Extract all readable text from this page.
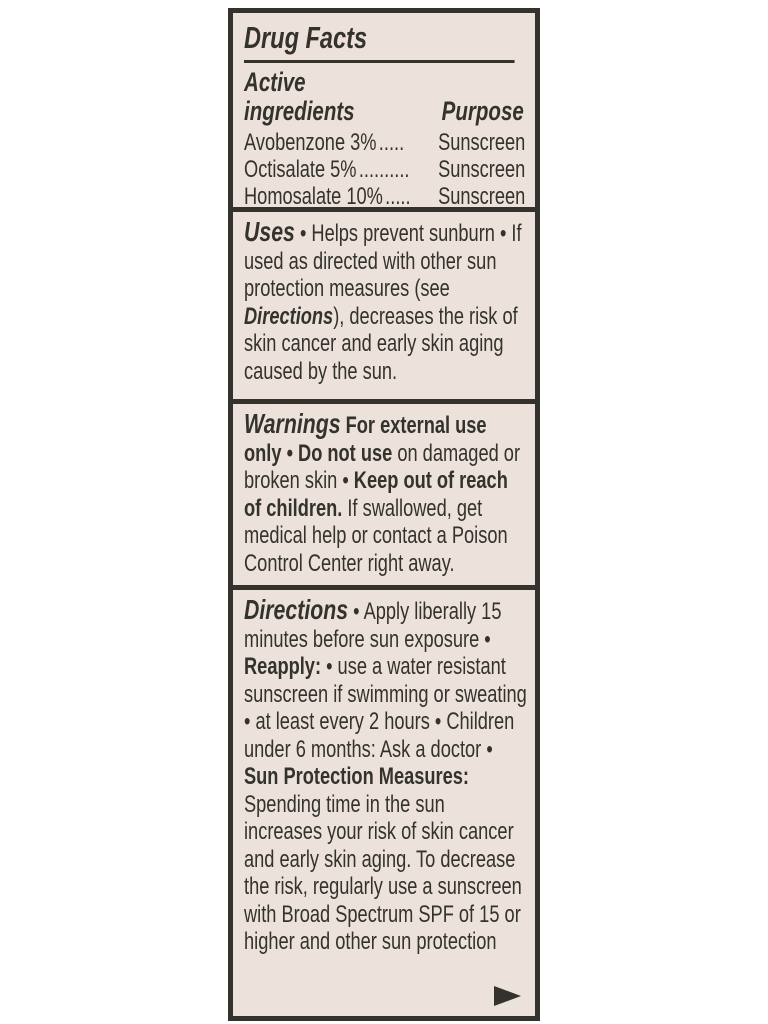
Drug Facts
Active
ingredients	Purpose
Avobenzone 3% .....	Sunscreen
Octisalate 5% ..........	Sunscreen
Homosalate 10% .....	Sunscreen
Uses • Helps prevent sunburn • If used as directed with other sun protection measures (see Directions), decreases the risk of skin cancer and early skin aging caused by the sun.
Warnings For external use only • Do not use on damaged or broken skin • Keep out of reach of children. If swallowed, get medical help or contact a Poison Control Center right away.
Directions • Apply liberally 15 minutes before sun exposure • Reapply: • use a water resistant sunscreen if swimming or sweating • at least every 2 hours • Children under 6 months: Ask a doctor • Sun Protection Measures: Spending time in the sun increases your risk of skin cancer and early skin aging. To decrease the risk, regularly use a sunscreen with Broad Spectrum SPF of 15 or higher and other sun protection
